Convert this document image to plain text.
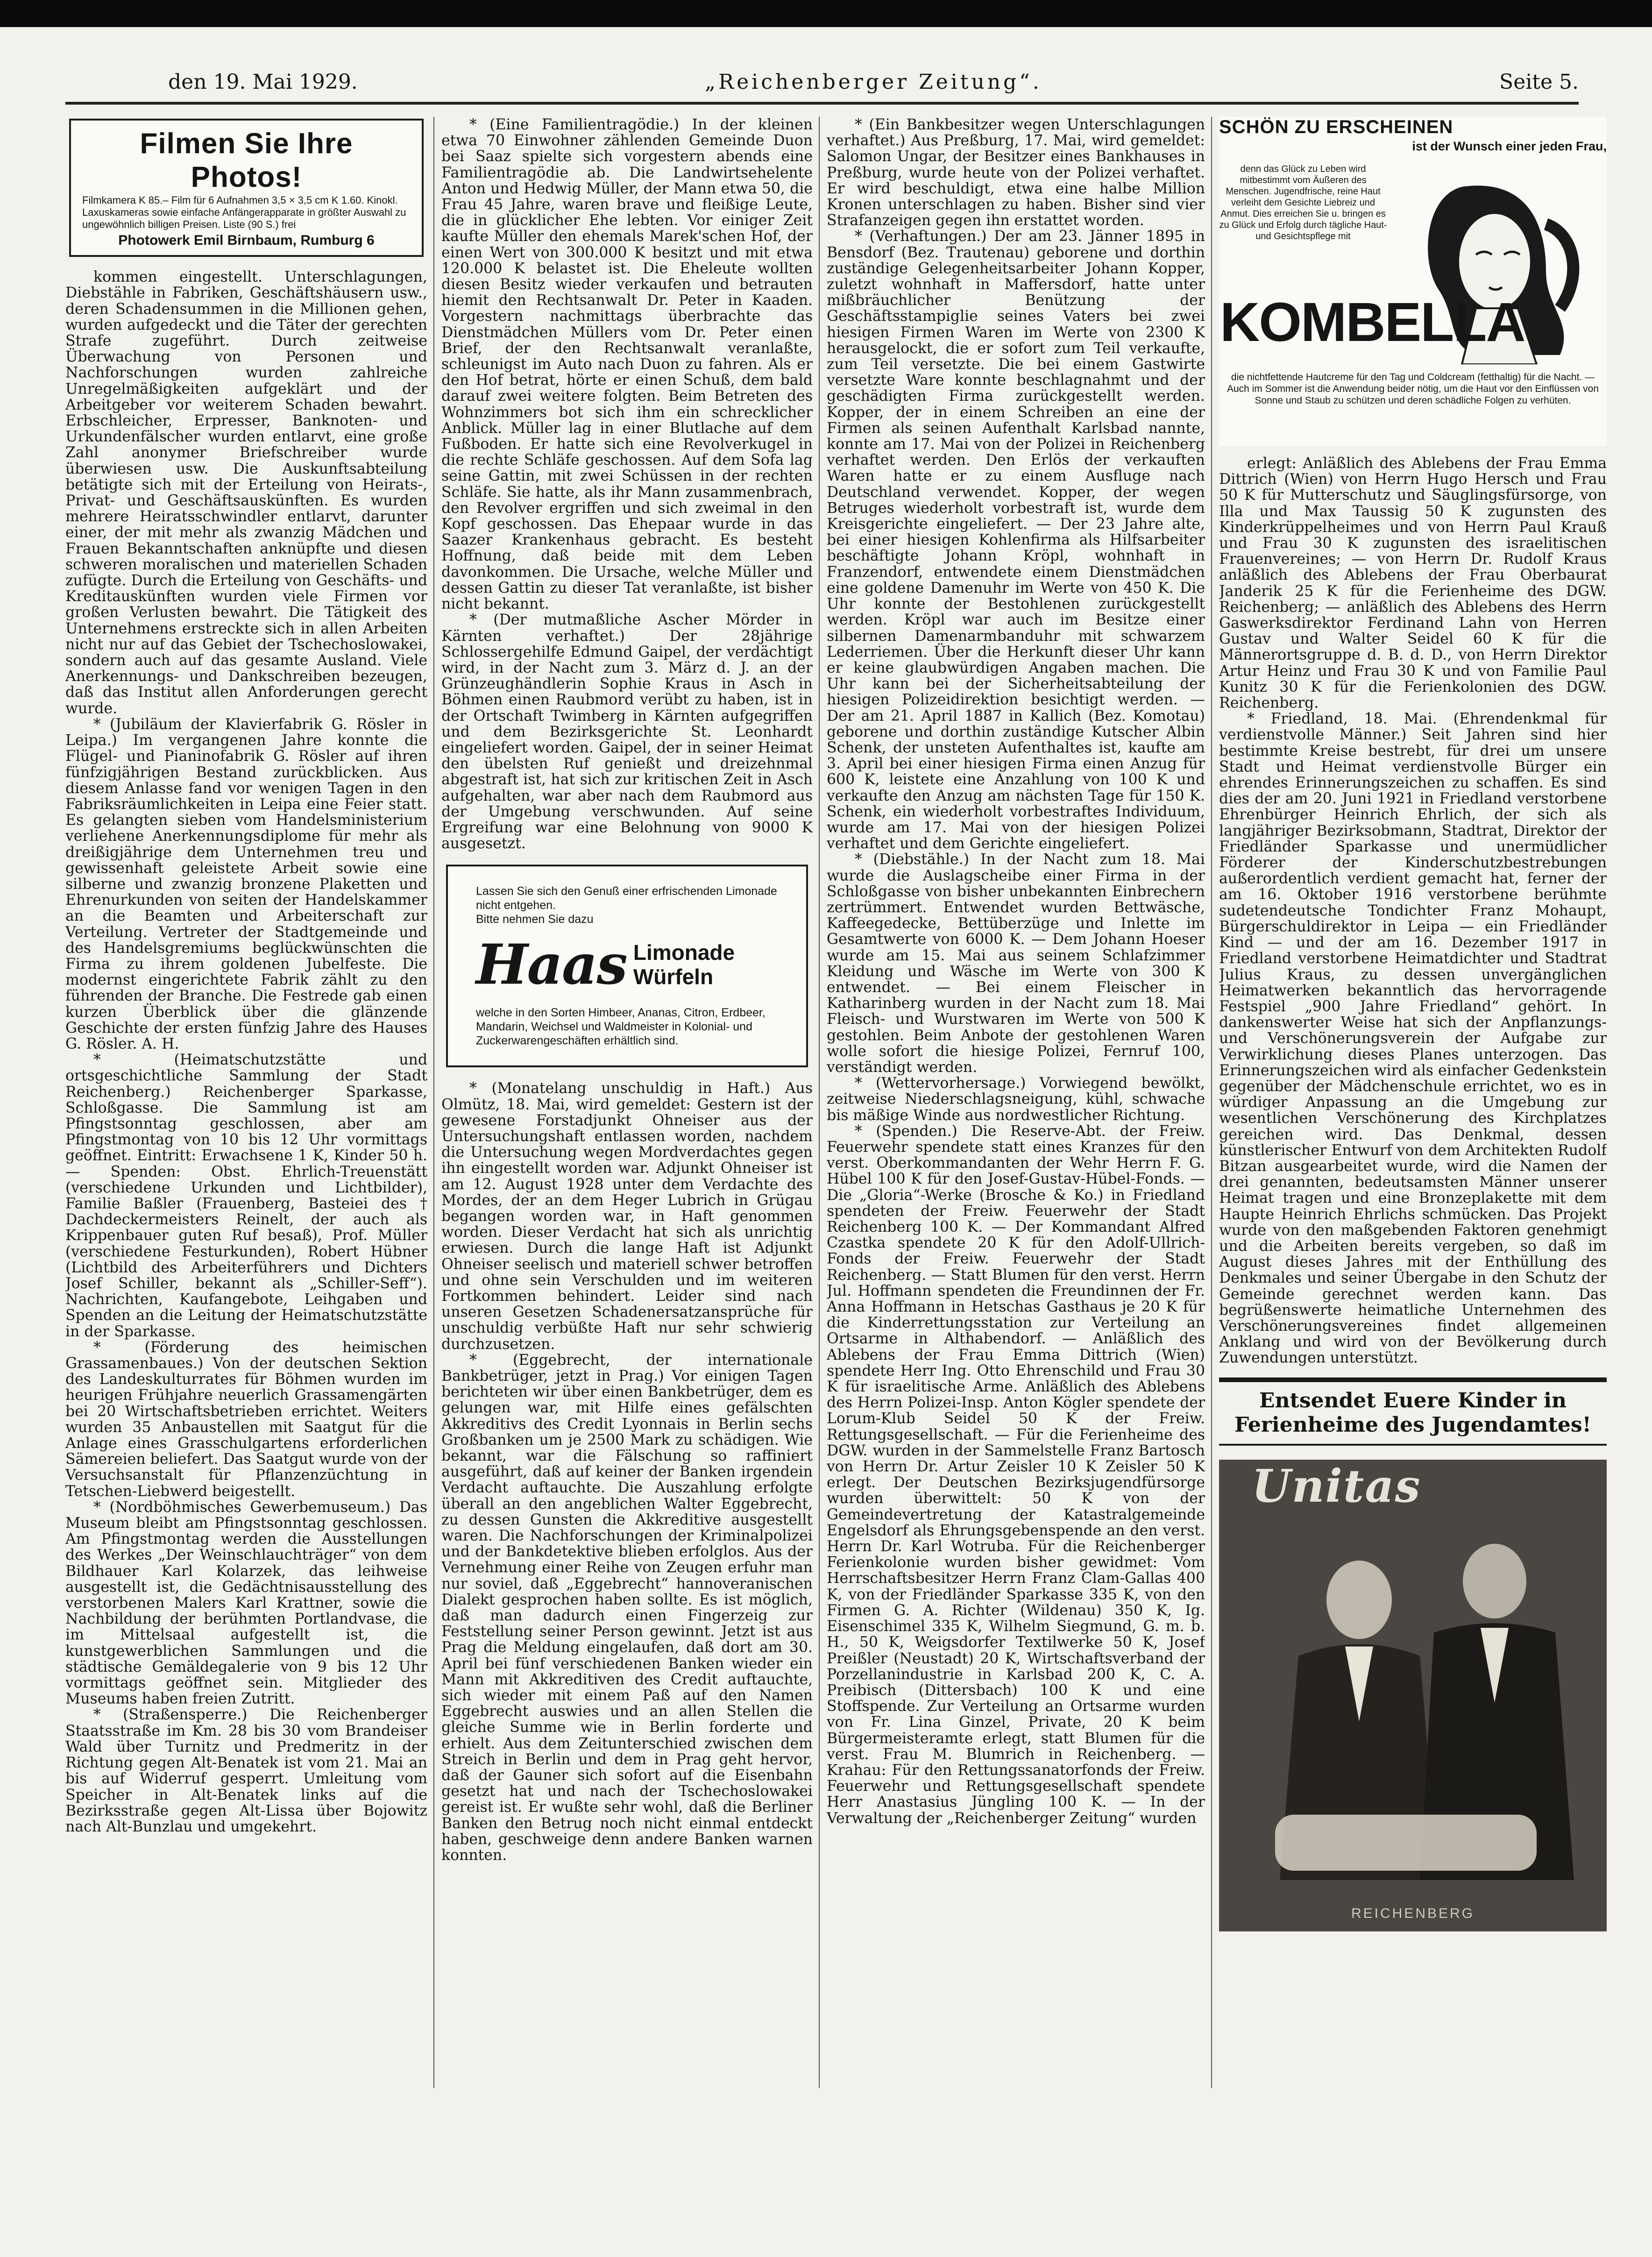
den 19. Mai 1929.	„Reichenberger Zeitung“.	Seite 5.
Filmen Sie Ihre Photos!
Filmkamera K 85.– Film für 6 Aufnahmen 3,5 × 3,5 cm K 1.60. Kinokl. Laxuskameras sowie einfache Anfängerapparate in größter Auswahl zu ungewöhnlich billigen Preisen. Liste (90 S.) frei
Photowerk Emil Birnbaum, Rumburg 6

kommen eingestellt. Unterschlagungen, Diebstähle in Fabriken, Geschäftshäusern usw., deren Schadensummen in die Millionen gehen, wurden aufgedeckt und die Täter der gerechten Strafe zugeführt. Durch zeitweise Überwachung von Personen und Nachforschungen wurden zahlreiche Unregelmäßigkeiten aufgeklärt und der Arbeitgeber vor weiterem Schaden bewahrt. Erbschleicher, Erpresser, Banknoten- und Urkundenfälscher wurden entlarvt, eine große Zahl anonymer Briefschreiber wurde überwiesen usw. Die Auskunftsabteilung betätigte sich mit der Erteilung von Heirats-, Privat- und Geschäftsauskünften. Es wurden mehrere Heiratsschwindler entlarvt, darunter einer, der mit mehr als zwanzig Mädchen und Frauen Bekanntschaften anknüpfte und diesen schweren moralischen und materiellen Schaden zufügte. Durch die Erteilung von Geschäfts- und Kreditauskünften wurden viele Firmen vor großen Verlusten bewahrt. Die Tätigkeit des Unternehmens erstreckte sich in allen Arbeiten nicht nur auf das Gebiet der Tschechoslowakei, sondern auch auf das gesamte Ausland. Viele Anerkennungs- und Dankschreiben bezeugen, daß das Institut allen Anforderungen gerecht wurde.

* (Jubiläum der Klavierfabrik G. Rösler in Leipa.) Im vergangenen Jahre konnte die Flügel- und Pianinofabrik G. Rösler auf ihren fünfzigjährigen Bestand zurückblicken. Aus diesem Anlasse fand vor wenigen Tagen in den Fabriksräumlichkeiten in Leipa eine Feier statt. Es gelangten sieben vom Handelsministerium verliehene Anerkennungsdiplome für mehr als dreißigjährige dem Unternehmen treu und gewissenhaft geleistete Arbeit sowie eine silberne und zwanzig bronzene Plaketten und Ehrenurkunden von seiten der Handelskammer an die Beamten und Arbeiterschaft zur Verteilung. Vertreter der Stadtgemeinde und des Handelsgremiums beglückwünschten die Firma zu ihrem goldenen Jubelfeste. Die modernst eingerichtete Fabrik zählt zu den führenden der Branche. Die Festrede gab einen kurzen Überblick über die glänzende Geschichte der ersten fünfzig Jahre des Hauses G. Rösler. A. H.

* (Heimatschutzstätte und ortsgeschichtliche Sammlung der Stadt Reichenberg.) Reichenberger Sparkasse, Schloßgasse. Die Sammlung ist am Pfingstsonntag geschlossen, aber am Pfingstmontag von 10 bis 12 Uhr vormittags geöffnet. Eintritt: Erwachsene 1 K, Kinder 50 h. — Spenden: Obst. Ehrlich-Treuenstätt (verschiedene Urkunden und Lichtbilder), Familie Baßler (Frauenberg, Basteiei des † Dachdeckermeisters Reinelt, der auch als Krippenbauer guten Ruf besaß), Prof. Müller (verschiedene Festurkunden), Robert Hübner (Lichtbild des Arbeiterführers und Dichters Josef Schiller, bekannt als „Schiller-Seff“). Nachrichten, Kaufangebote, Leihgaben und Spenden an die Leitung der Heimatschutzstätte in der Sparkasse.

* (Förderung des heimischen Grassamenbaues.) Von der deutschen Sektion des Landeskulturrates für Böhmen wurden im heurigen Frühjahre neuerlich Grassamengärten bei 20 Wirtschaftsbetrieben errichtet. Weiters wurden 35 Anbaustellen mit Saatgut für die Anlage eines Grasschulgartens erforderlichen Sämereien beliefert. Das Saatgut wurde von der Versuchsanstalt für Pflanzenzüchtung in Tetschen-Liebwerd beigestellt.

* (Nordböhmisches Gewerbemuseum.) Das Museum bleibt am Pfingstsonntag geschlossen. Am Pfingstmontag werden die Ausstellungen des Werkes „Der Weinschlauchträger“ von dem Bildhauer Karl Kolarzek, das leihweise ausgestellt ist, die Gedächtnisausstellung des verstorbenen Malers Karl Krattner, sowie die Nachbildung der berühmten Portlandvase, die im Mittelsaal aufgestellt ist, die kunstgewerblichen Sammlungen und die städtische Gemäldegalerie von 9 bis 12 Uhr vormittags geöffnet sein. Mitglieder des Museums haben freien Zutritt.

* (Straßensperre.) Die Reichenberger Staatsstraße im Km. 28 bis 30 vom Brandeiser Wald über Turnitz und Predmeritz in der Richtung gegen Alt-Benatek ist vom 21. Mai an bis auf Widerruf gesperrt. Umleitung vom Speicher in Alt-Benatek links auf die Bezirksstraße gegen Alt-Lissa über Bojowitz nach Alt-Bunzlau und umgekehrt.

* (Eine Familientragödie.) In der kleinen etwa 70 Einwohner zählenden Gemeinde Duon bei Saaz spielte sich vorgestern abends eine Familientragödie ab. Die Landwirtsehelente Anton und Hedwig Müller, der Mann etwa 50, die Frau 45 Jahre, waren brave und fleißige Leute, die in glücklicher Ehe lebten. Vor einiger Zeit kaufte Müller den ehemals Marek'schen Hof, der einen Wert von 300.000 K besitzt und mit etwa 120.000 K belastet ist. Die Eheleute wollten diesen Besitz wieder verkaufen und betrauten hiemit den Rechtsanwalt Dr. Peter in Kaaden. Vorgestern nachmittags überbrachte das Dienstmädchen Müllers vom Dr. Peter einen Brief, der den Rechtsanwalt veranlaßte, schleunigst im Auto nach Duon zu fahren. Als er den Hof betrat, hörte er einen Schuß, dem bald darauf zwei weitere folgten. Beim Betreten des Wohnzimmers bot sich ihm ein schrecklicher Anblick. Müller lag in einer Blutlache auf dem Fußboden. Er hatte sich eine Revolverkugel in die rechte Schläfe geschossen. Auf dem Sofa lag seine Gattin, mit zwei Schüssen in der rechten Schläfe. Sie hatte, als ihr Mann zusammenbrach, den Revolver ergriffen und sich zweimal in den Kopf geschossen. Das Ehepaar wurde in das Saazer Krankenhaus gebracht. Es besteht Hoffnung, daß beide mit dem Leben davonkommen. Die Ursache, welche Müller und dessen Gattin zu dieser Tat veranlaßte, ist bisher nicht bekannt.

* (Der mutmaßliche Ascher Mörder in Kärnten verhaftet.) Der 28jährige Schlossergehilfe Edmund Gaipel, der verdächtigt wird, in der Nacht zum 3. März d. J. an der Grünzeughändlerin Sophie Kraus in Asch in Böhmen einen Raubmord verübt zu haben, ist in der Ortschaft Twimberg in Kärnten aufgegriffen und dem Bezirksgerichte St. Leonhardt eingeliefert worden. Gaipel, der in seiner Heimat den übelsten Ruf genießt und dreizehnmal abgestraft ist, hat sich zur kritischen Zeit in Asch aufgehalten, war aber nach dem Raubmord aus der Umgebung verschwunden. Auf seine Ergreifung war eine Belohnung von 9000 K ausgesetzt.

Lassen Sie sich den Genuß einer erfrischenden Limonade nicht entgehen.
Bitte nehmen Sie dazu
Haas Limonade Würfeln
welche in den Sorten Himbeer, Ananas, Citron, Erdbeer, Mandarin, Weichsel und Waldmeister in Kolonial- und Zuckerwarengeschäften erhältlich sind.

* (Monatelang unschuldig in Haft.) Aus Olmütz, 18. Mai, wird gemeldet: Gestern ist der gewesene Forstadjunkt Ohneiser aus der Untersuchungshaft entlassen worden, nachdem die Untersuchung wegen Mordverdachtes gegen ihn eingestellt worden war. Adjunkt Ohneiser ist am 12. August 1928 unter dem Verdachte des Mordes, der an dem Heger Lubrich in Grügau begangen worden war, in Haft genommen worden. Dieser Verdacht hat sich als unrichtig erwiesen. Durch die lange Haft ist Adjunkt Ohneiser seelisch und materiell schwer betroffen und ohne sein Verschulden und im weiteren Fortkommen behindert. Leider sind nach unseren Gesetzen Schadenersatzansprüche für unschuldig verbüßte Haft nur sehr schwierig durchzusetzen.

* (Eggebrecht, der internationale Bankbetrüger, jetzt in Prag.) Vor einigen Tagen berichteten wir über einen Bankbetrüger, dem es gelungen war, mit Hilfe eines gefälschten Akkreditivs des Credit Lyonnais in Berlin sechs Großbanken um je 2500 Mark zu schädigen. Wie bekannt, war die Fälschung so raffiniert ausgeführt, daß auf keiner der Banken irgendein Verdacht auftauchte. Die Auszahlung erfolgte überall an den angeblichen Walter Eggebrecht, zu dessen Gunsten die Akkreditive ausgestellt waren. Die Nachforschungen der Kriminalpolizei und der Bankdetektive blieben erfolglos. Aus der Vernehmung einer Reihe von Zeugen erfuhr man nur soviel, daß „Eggebrecht“ hannoveranischen Dialekt gesprochen haben sollte. Es ist möglich, daß man dadurch einen Fingerzeig zur Feststellung seiner Person gewinnt. Jetzt ist aus Prag die Meldung eingelaufen, daß dort am 30. April bei fünf verschiedenen Banken wieder ein Mann mit Akkreditiven des Credit auftauchte, sich wieder mit einem Paß auf den Namen Eggebrecht auswies und an allen Stellen die gleiche Summe wie in Berlin forderte und erhielt. Aus dem Zeitunterschied zwischen dem Streich in Berlin und dem in Prag geht hervor, daß der Gauner sich sofort auf die Eisenbahn gesetzt hat und nach der Tschechoslowakei gereist ist. Er wußte sehr wohl, daß die Berliner Banken den Betrug noch nicht einmal entdeckt haben, geschweige denn andere Banken warnen konnten.

* (Ein Bankbesitzer wegen Unterschlagungen verhaftet.) Aus Preßburg, 17. Mai, wird gemeldet: Salomon Ungar, der Besitzer eines Bankhauses in Preßburg, wurde heute von der Polizei verhaftet. Er wird beschuldigt, etwa eine halbe Million Kronen unterschlagen zu haben. Bisher sind vier Strafanzeigen gegen ihn erstattet worden.

* (Verhaftungen.) Der am 23. Jänner 1895 in Bensdorf (Bez. Trautenau) geborene und dorthin zuständige Gelegenheitsarbeiter Johann Kopper, zuletzt wohnhaft in Maffersdorf, hatte unter mißbräuchlicher Benützung der Geschäftsstampiglie seines Vaters bei zwei hiesigen Firmen Waren im Werte von 2300 K herausgelockt, die er sofort zum Teil verkaufte, zum Teil versetzte. Die bei einem Gastwirte versetzte Ware konnte beschlagnahmt und der geschädigten Firma zurückgestellt werden. Kopper, der in einem Schreiben an eine der Firmen als seinen Aufenthalt Karlsbad nannte, konnte am 17. Mai von der Polizei in Reichenberg verhaftet werden. Den Erlös der verkauften Waren hatte er zu einem Ausfluge nach Deutschland verwendet. Kopper, der wegen Betruges wiederholt vorbestraft ist, wurde dem Kreisgerichte eingeliefert. — Der 23 Jahre alte, bei einer hiesigen Kohlenfirma als Hilfsarbeiter beschäftigte Johann Kröpl, wohnhaft in Franzendorf, entwendete einem Dienstmädchen eine goldene Damenuhr im Werte von 450 K. Die Uhr konnte der Bestohlenen zurückgestellt werden. Kröpl war auch im Besitze einer silbernen Damenarmbanduhr mit schwarzem Lederriemen. Über die Herkunft dieser Uhr kann er keine glaubwürdigen Angaben machen. Die Uhr kann bei der Sicherheitsabteilung der hiesigen Polizeidirektion besichtigt werden. — Der am 21. April 1887 in Kallich (Bez. Komotau) geborene und dorthin zuständige Kutscher Albin Schenk, der unsteten Aufenthaltes ist, kaufte am 3. April bei einer hiesigen Firma einen Anzug für 600 K, leistete eine Anzahlung von 100 K und verkaufte den Anzug am nächsten Tage für 150 K. Schenk, ein wiederholt vorbestraftes Individuum, wurde am 17. Mai von der hiesigen Polizei verhaftet und dem Gerichte eingeliefert.

* (Diebstähle.) In der Nacht zum 18. Mai wurde die Auslagscheibe einer Firma in der Schloßgasse von bisher unbekannten Einbrechern zertrümmert. Entwendet wurden Bettwäsche, Kaffeegedecke, Bettüberzüge und Inlette im Gesamtwerte von 6000 K. — Dem Johann Hoeser wurde am 15. Mai aus seinem Schlafzimmer Kleidung und Wäsche im Werte von 300 K entwendet. — Bei einem Fleischer in Katharinberg wurden in der Nacht zum 18. Mai Fleisch- und Wurstwaren im Werte von 500 K gestohlen. Beim Anbote der gestohlenen Waren wolle sofort die hiesige Polizei, Fernruf 100, verständigt werden.

* (Wettervorhersage.) Vorwiegend bewölkt, zeitweise Niederschlagsneigung, kühl, schwache bis mäßige Winde aus nordwestlicher Richtung.

* (Spenden.) Die Reserve-Abt. der Freiw. Feuerwehr spendete statt eines Kranzes für den verst. Oberkommandanten der Wehr Herrn F. G. Hübel 100 K für den Josef-Gustav-Hübel-Fonds. — Die „Gloria“-Werke (Brosche & Ko.) in Friedland spendeten der Freiw. Feuerwehr der Stadt Reichenberg 100 K. — Der Kommandant Alfred Czastka spendete 20 K für den Adolf-Ullrich-Fonds der Freiw. Feuerwehr der Stadt Reichenberg. — Statt Blumen für den verst. Herrn Jul. Hoffmann spendeten die Freundinnen der Fr. Anna Hoffmann in Hetschas Gasthaus je 20 K für die Kinderrettungsstation zur Verteilung an Ortsarme in Althabendorf. — Anläßlich des Ablebens der Frau Emma Dittrich (Wien) spendete Herr Ing. Otto Ehrenschild und Frau 30 K für israelitische Arme. Anläßlich des Ablebens des Herrn Polizei-Insp. Anton Kögler spendete der Lorum-Klub Seidel 50 K der Freiw. Rettungsgesellschaft. — Für die Ferienheime des DGW. wurden in der Sammelstelle Franz Bartosch von Herrn Dr. Artur Zeisler 10 K Zeisler 50 K erlegt. Der Deutschen Bezirksjugendfürsorge wurden überwittelt: 50 K von der Gemeindevertretung der Katastralgemeinde Engelsdorf als Ehrungsgebenspende an den verst. Herrn Dr. Karl Wotruba. Für die Reichenberger Ferienkolonie wurden bisher gewidmet: Vom Herrschaftsbesitzer Herrn Franz Clam-Gallas 400 K, von der Friedländer Sparkasse 335 K, von den Firmen G. A. Richter (Wildenau) 350 K, Ig. Eisenschimel 335 K, Wilhelm Siegmund, G. m. b. H., 50 K, Weigsdorfer Textilwerke 50 K, Josef Preißler (Neustadt) 20 K, Wirtschaftsverband der Porzellanindustrie in Karlsbad 200 K, C. A. Preibisch (Dittersbach) 100 K und eine Stoffspende. Zur Verteilung an Ortsarme wurden von Fr. Lina Ginzel, Private, 20 K beim Bürgermeisteramte erlegt, statt Blumen für die verst. Frau M. Blumrich in Reichenberg. — Krahau: Für den Rettungssanatorfonds der Freiw. Feuerwehr und Rettungsgesellschaft spendete Herr Anastasius Jüngling 100 K. — In der Verwaltung der „Reichenberger Zeitung“ wurden

SCHÖN ZU ERSCHEINEN
ist der Wunsch einer jeden Frau,
denn das Glück zu Leben wird mitbestimmt vom Äußeren des Menschen. Jugendfrische, reine Haut verleiht dem Gesichte Liebreiz und Anmut. Dies erreichen Sie u. bringen es zu Glück und Erfolg durch tägliche Haut- und Gesichtspflege mit
KOMBELLA
die nichtfettende Hautcreme für den Tag und Coldcream (fetthaltig) für die Nacht. — Auch im Sommer ist die Anwendung beider nötig, um die Haut vor den Einflüssen von Sonne und Staub zu schützen und deren schädliche Folgen zu verhüten.

erlegt: Anläßlich des Ablebens der Frau Emma Dittrich (Wien) von Herrn Hugo Hersch und Frau 50 K für Mutterschutz und Säuglingsfürsorge, von Illa und Max Taussig 50 K zugunsten des Kinderkrüppelheimes und von Herrn Paul Krauß und Frau 30 K zugunsten des israelitischen Frauenvereines; — von Herrn Dr. Rudolf Kraus anläßlich des Ablebens der Frau Oberbaurat Janderik 25 K für die Ferienheime des DGW. Reichenberg; — anläßlich des Ablebens des Herrn Gaswerksdirektor Ferdinand Lahn von Herren Gustav und Walter Seidel 60 K für die Männerortsgruppe d. B. d. D., von Herrn Direktor Artur Heinz und Frau 30 K und von Familie Paul Kunitz 30 K für die Ferienkolonien des DGW. Reichenberg.

* Friedland, 18. Mai. (Ehrendenkmal für verdienstvolle Männer.) Seit Jahren sind hier bestimmte Kreise bestrebt, für drei um unsere Stadt und Heimat verdienstvolle Bürger ein ehrendes Erinnerungszeichen zu schaffen. Es sind dies der am 20. Juni 1921 in Friedland verstorbene Ehrenbürger Heinrich Ehrlich, der sich als langjähriger Bezirksobmann, Stadtrat, Direktor der Friedländer Sparkasse und unermüdlicher Förderer der Kinderschutzbestrebungen außerordentlich verdient gemacht hat, ferner der am 16. Oktober 1916 verstorbene berühmte sudetendeutsche Tondichter Franz Mohaupt, Bürgerschuldirektor in Leipa — ein Friedländer Kind — und der am 16. Dezember 1917 in Friedland verstorbene Heimatdichter und Stadtrat Julius Kraus, zu dessen unvergänglichen Heimatwerken bekanntlich das hervorragende Festspiel „900 Jahre Friedland“ gehört. In dankenswerter Weise hat sich der Anpflanzungs- und Verschönerungsverein der Aufgabe zur Verwirklichung dieses Planes unterzogen. Das Erinnerungszeichen wird als einfacher Gedenkstein gegenüber der Mädchenschule errichtet, wo es in würdiger Anpassung an die Umgebung zur wesentlichen Verschönerung des Kirchplatzes gereichen wird. Das Denkmal, dessen künstlerischer Entwurf von dem Architekten Rudolf Bitzan ausgearbeitet wurde, wird die Namen der drei genannten, bedeutsamsten Männer unserer Heimat tragen und eine Bronzeplakette mit dem Haupte Heinrich Ehrlichs schmücken. Das Projekt wurde von den maßgebenden Faktoren genehmigt und die Arbeiten bereits vergeben, so daß im August dieses Jahres mit der Enthüllung des Denkmales und seiner Übergabe in den Schutz der Gemeinde gerechnet werden kann. Das begrüßenswerte heimatliche Unternehmen des Verschönerungsvereines findet allgemeinen Anklang und wird von der Bevölkerung durch Zuwendungen unterstützt.

Entsendet Euere Kinder in Ferienheime des Jugendamtes!
Unitas
REICHENBERG
